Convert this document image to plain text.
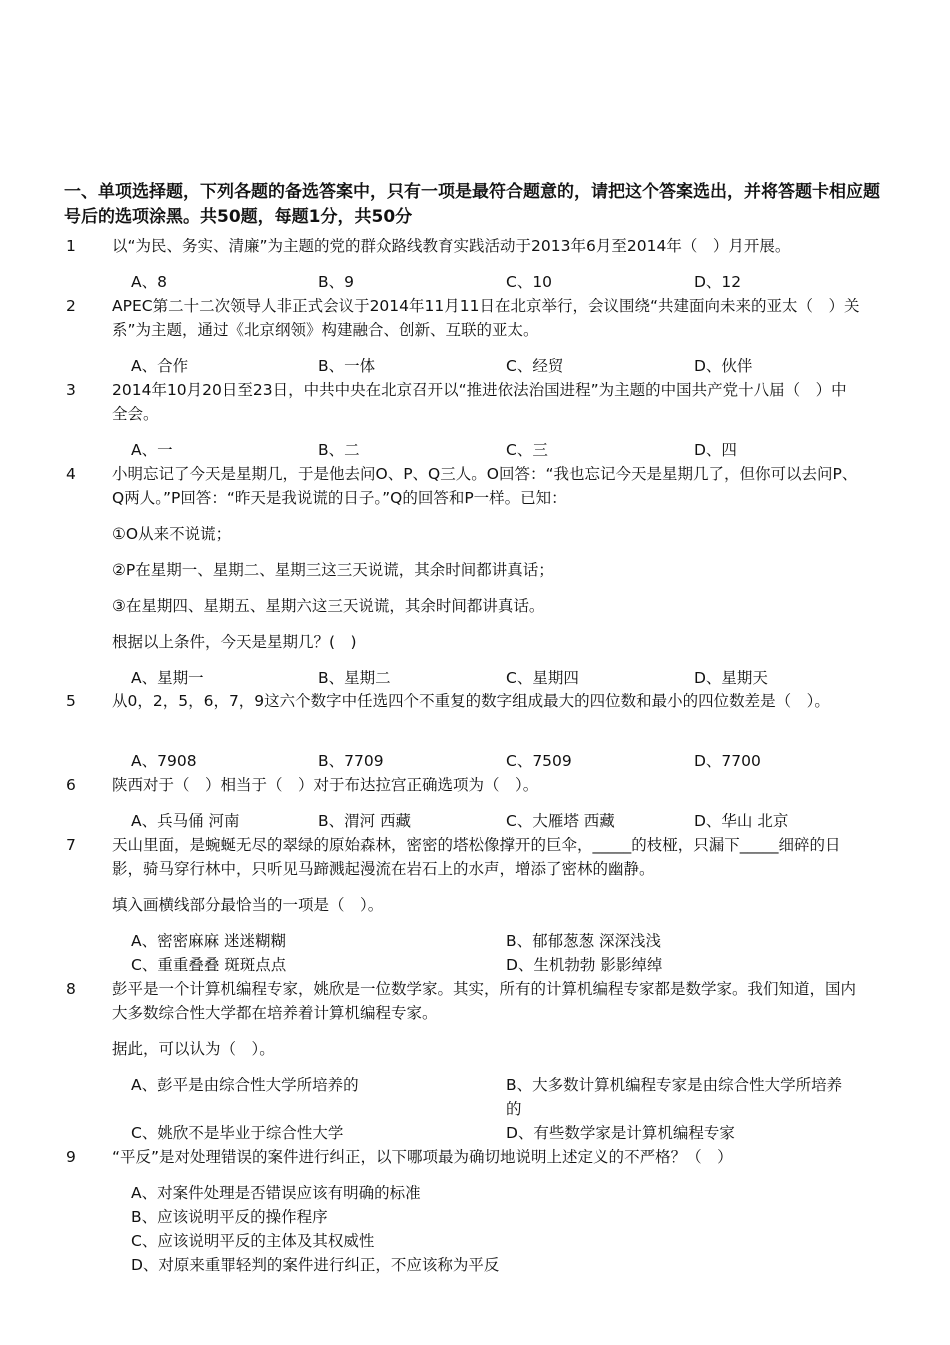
一、单项选择题，下列各题的备选答案中，只有一项是最符合题意的，请把这个答案选出，并将答题卡相应题号后的选项涂黑。共50题，每题1分，共50分
1 以“为民、务实、清廉”为主题的党的群众路线教育实践活动于2013年6月至2014年（　）月开展。
A、8	B、9	C、10	D、12
2 APEC第二十二次领导人非正式会议于2014年11月11日在北京举行，会议围绕“共建面向未来的亚太（　）关系”为主题，通过《北京纲领》构建融合、创新、互联的亚太。
A、合作	B、一体	C、经贸	D、伙伴
3 2014年10月20日至23日，中共中央在北京召开以“推进依法治国进程”为主题的中国共产党十八届（　）中全会。
A、一	B、二	C、三	D、四
4 小明忘记了今天是星期几，于是他去问O、P、Q三人。O回答：“我也忘记今天是星期几了，但你可以去问P、Q两人。”P回答：“昨天是我说谎的日子。”Q的回答和P一样。已知：
①O从来不说谎；
②P在星期一、星期二、星期三这三天说谎，其余时间都讲真话；
③在星期四、星期五、星期六这三天说谎，其余时间都讲真话。
根据以上条件，今天是星期几？(　)
A、星期一	B、星期二	C、星期四	D、星期天
5 从0，2，5，6，7，9这六个数字中任选四个不重复的数字组成最大的四位数和最小的四位数差是（　）。
A、7908	B、7709	C、7509	D、7700
6 陕西对于（　）相当于（　）对于布达拉宫正确选项为（　）。
A、兵马俑 河南	B、渭河 西藏	C、大雁塔 西藏	D、华山 北京
7 天山里面，是蜿蜒无尽的翠绿的原始森林，密密的塔松像撑开的巨伞，_____的枝桠，只漏下_____细碎的日影，骑马穿行林中，只听见马蹄溅起漫流在岩石上的水声，增添了密林的幽静。
填入画横线部分最恰当的一项是（　）。
A、密密麻麻 迷迷糊糊	B、郁郁葱葱 深深浅浅
C、重重叠叠 斑斑点点	D、生机勃勃 影影绰绰
8 彭平是一个计算机编程专家，姚欣是一位数学家。其实，所有的计算机编程专家都是数学家。我们知道，国内大多数综合性大学都在培养着计算机编程专家。
据此，可以认为（　）。
A、彭平是由综合性大学所培养的	B、大多数计算机编程专家是由综合性大学所培养的
C、姚欣不是毕业于综合性大学	D、有些数学家是计算机编程专家
9 “平反”是对处理错误的案件进行纠正，以下哪项最为确切地说明上述定义的不严格？（　）
A、对案件处理是否错误应该有明确的标准
B、应该说明平反的操作程序
C、应该说明平反的主体及其权威性
D、对原来重罪轻判的案件进行纠正，不应该称为平反
